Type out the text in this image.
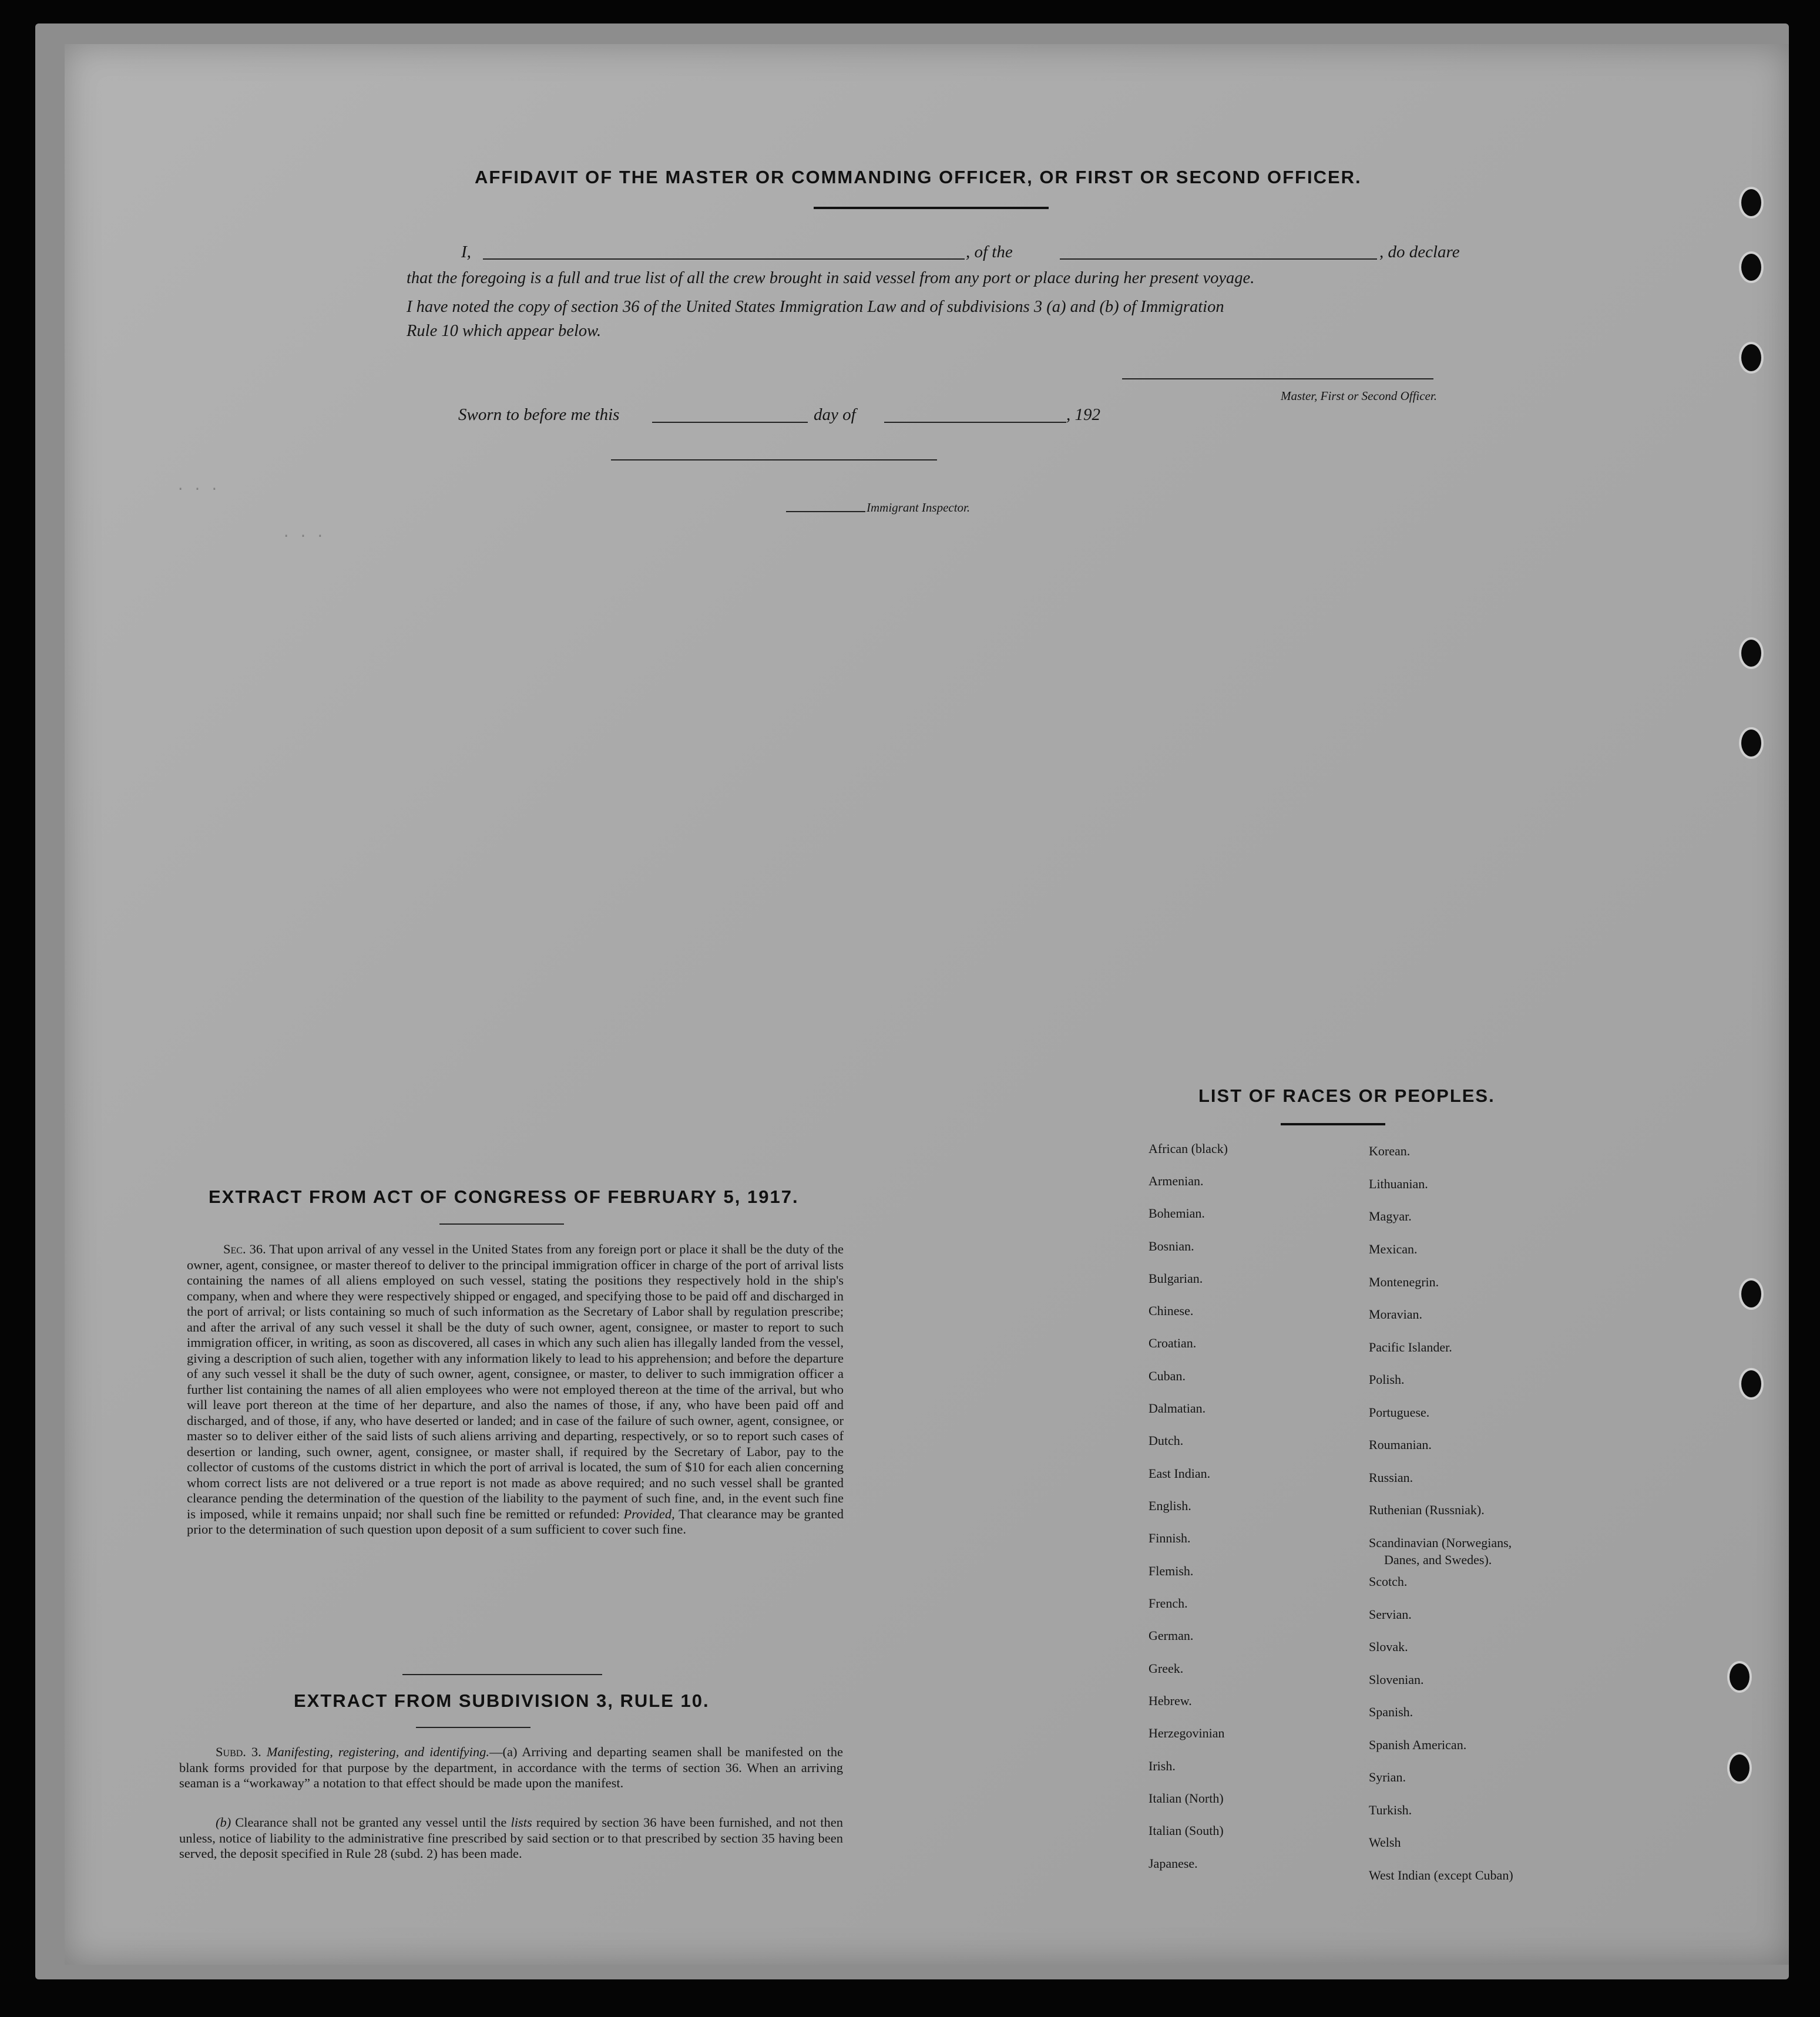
· · ·
· · ·
AFFIDAVIT OF THE MASTER OR COMMANDING OFFICER, OR FIRST OR SECOND OFFICER.
I,	, of the	, do declare
that the foregoing is a full and true list of all the crew brought in said vessel from any port or place during her present voyage.
I have noted the copy of section 36 of the United States Immigration Law and of subdivisions 3 (a) and (b) of Immigration
Rule 10 which appear below.
Master, First or Second Officer.
Sworn to before me this	day of	, 192
Immigrant Inspector.
EXTRACT FROM ACT OF CONGRESS OF FEBRUARY 5, 1917.
Sec. 36. That upon arrival of any vessel in the United States from any foreign port or place it shall be the duty of the owner, agent, consignee, or master thereof to deliver to the principal immigration officer in charge of the port of arrival lists containing the names of all aliens employed on such vessel, stating the positions they respectively hold in the ship's company, when and where they were respectively shipped or engaged, and specifying those to be paid off and discharged in the port of arrival; or lists containing so much of such information as the Secretary of Labor shall by regulation prescribe; and after the arrival of any such vessel it shall be the duty of such owner, agent, consignee, or master to report to such immigration officer, in writing, as soon as discovered, all cases in which any such alien has illegally landed from the vessel, giving a description of such alien, together with any information likely to lead to his apprehension; and before the departure of any such vessel it shall be the duty of such owner, agent, consignee, or master, to deliver to such immigration officer a further list containing the names of all alien employees who were not employed thereon at the time of the arrival, but who will leave port thereon at the time of her departure, and also the names of those, if any, who have been paid off and discharged, and of those, if any, who have deserted or landed; and in case of the failure of such owner, agent, consignee, or master so to deliver either of the said lists of such aliens arriving and departing, respectively, or so to report such cases of desertion or landing, such owner, agent, consignee, or master shall, if required by the Secretary of Labor, pay to the collector of customs of the customs district in which the port of arrival is located, the sum of $10 for each alien concerning whom correct lists are not delivered or a true report is not made as above required; and no such vessel shall be granted clearance pending the determination of the question of the liability to the payment of such fine, and, in the event such fine is imposed, while it remains unpaid; nor shall such fine be remitted or refunded: Provided, That clearance may be granted prior to the determination of such question upon deposit of a sum sufficient to cover such fine.
EXTRACT FROM SUBDIVISION 3, RULE 10.
Subd. 3. Manifesting, registering, and identifying.—(a) Arriving and departing seamen shall be manifested on the blank forms provided for that purpose by the department, in accordance with the terms of section 36. When an arriving seaman is a “workaway” a notation to that effect should be made upon the manifest.
(b) Clearance shall not be granted any vessel until the lists required by section 36 have been furnished, and not then unless, notice of liability to the administrative fine prescribed by said section or to that prescribed by section 35 having been served, the deposit specified in Rule 28 (subd. 2) has been made.
LIST OF RACES OR PEOPLES.
African (black)
Armenian.
Bohemian.
Bosnian.
Bulgarian.
Chinese.
Croatian.
Cuban.
Dalmatian.
Dutch.
East Indian.
English.
Finnish.
Flemish.
French.
German.
Greek.
Hebrew.
Herzegovinian
Irish.
Italian (North)
Italian (South)
Japanese.
Korean.
Lithuanian.
Magyar.
Mexican.
Montenegrin.
Moravian.
Pacific Islander.
Polish.
Portuguese.
Roumanian.
Russian.
Ruthenian (Russniak).
Scandinavian (Norwegians,
Scotch.
Servian.
Slovak.
Slovenian.
Spanish.
Spanish American.
Syrian.
Turkish.
Welsh
West Indian (except Cuban)
Danes, and Swedes).
